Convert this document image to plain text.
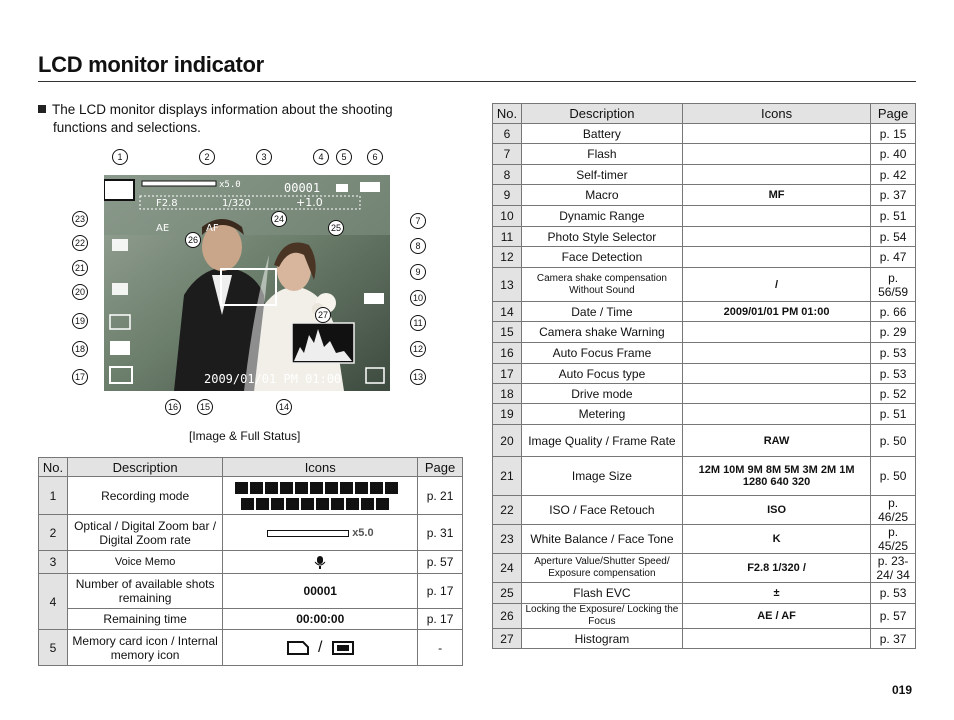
LCD monitor indicator
The LCD monitor displays information about the shooting
functions and selections.
x5.0	00001
F2.8	1/320	+1.0
AE	AF
2009/01/01 PM 01:00
1	2	3	4 5	6
7
8
9
10
11
12
13
14
15
16
17
18
19
20
21
22
23	24
25
26
27
[Image & Full Status]
No.	Description	Icons	Page
1	Recording mode		p. 21
2	Optical / Digital Zoom bar / Digital Zoom rate	x5.0	p. 31
3	Voice Memo		p. 57
4	Number of available shots remaining	00001	p. 17
	Remaining time	00:00:00	p. 17
5	Memory card icon / Internal memory icon	/	-
No.	Description	Icons	Page
6	Battery		p. 15
7	Flash		p. 40
8	Self-timer		p. 42
9	Macro	MF	p. 37
10	Dynamic Range		p. 51
11	Photo Style Selector		p. 54
12	Face Detection		p. 47
13	Camera shake compensation Without Sound	/	p. 56/59
14	Date / Time	2009/01/01 PM 01:00	p. 66
15	Camera shake Warning		p. 29
16	Auto Focus Frame		p. 53
17	Auto Focus type		p. 53
18	Drive mode		p. 52
19	Metering		p. 51
20	Image Quality / Frame Rate	RAW	p. 50
21	Image Size	12M 10M 9M 8M 5M 3M 2M 1M 1280 640 320	p. 50
22	ISO / Face Retouch	ISO	p. 46/25
23	White Balance / Face Tone	K	p. 45/25
24	Aperture Value/Shutter Speed/ Exposure compensation	F2.8 1/320 /	p. 23-24/ 34
25	Flash EVC	±	p. 53
26	Locking the Exposure/ Locking the Focus	AE / AF	p. 57
27	Histogram		p. 37
019
